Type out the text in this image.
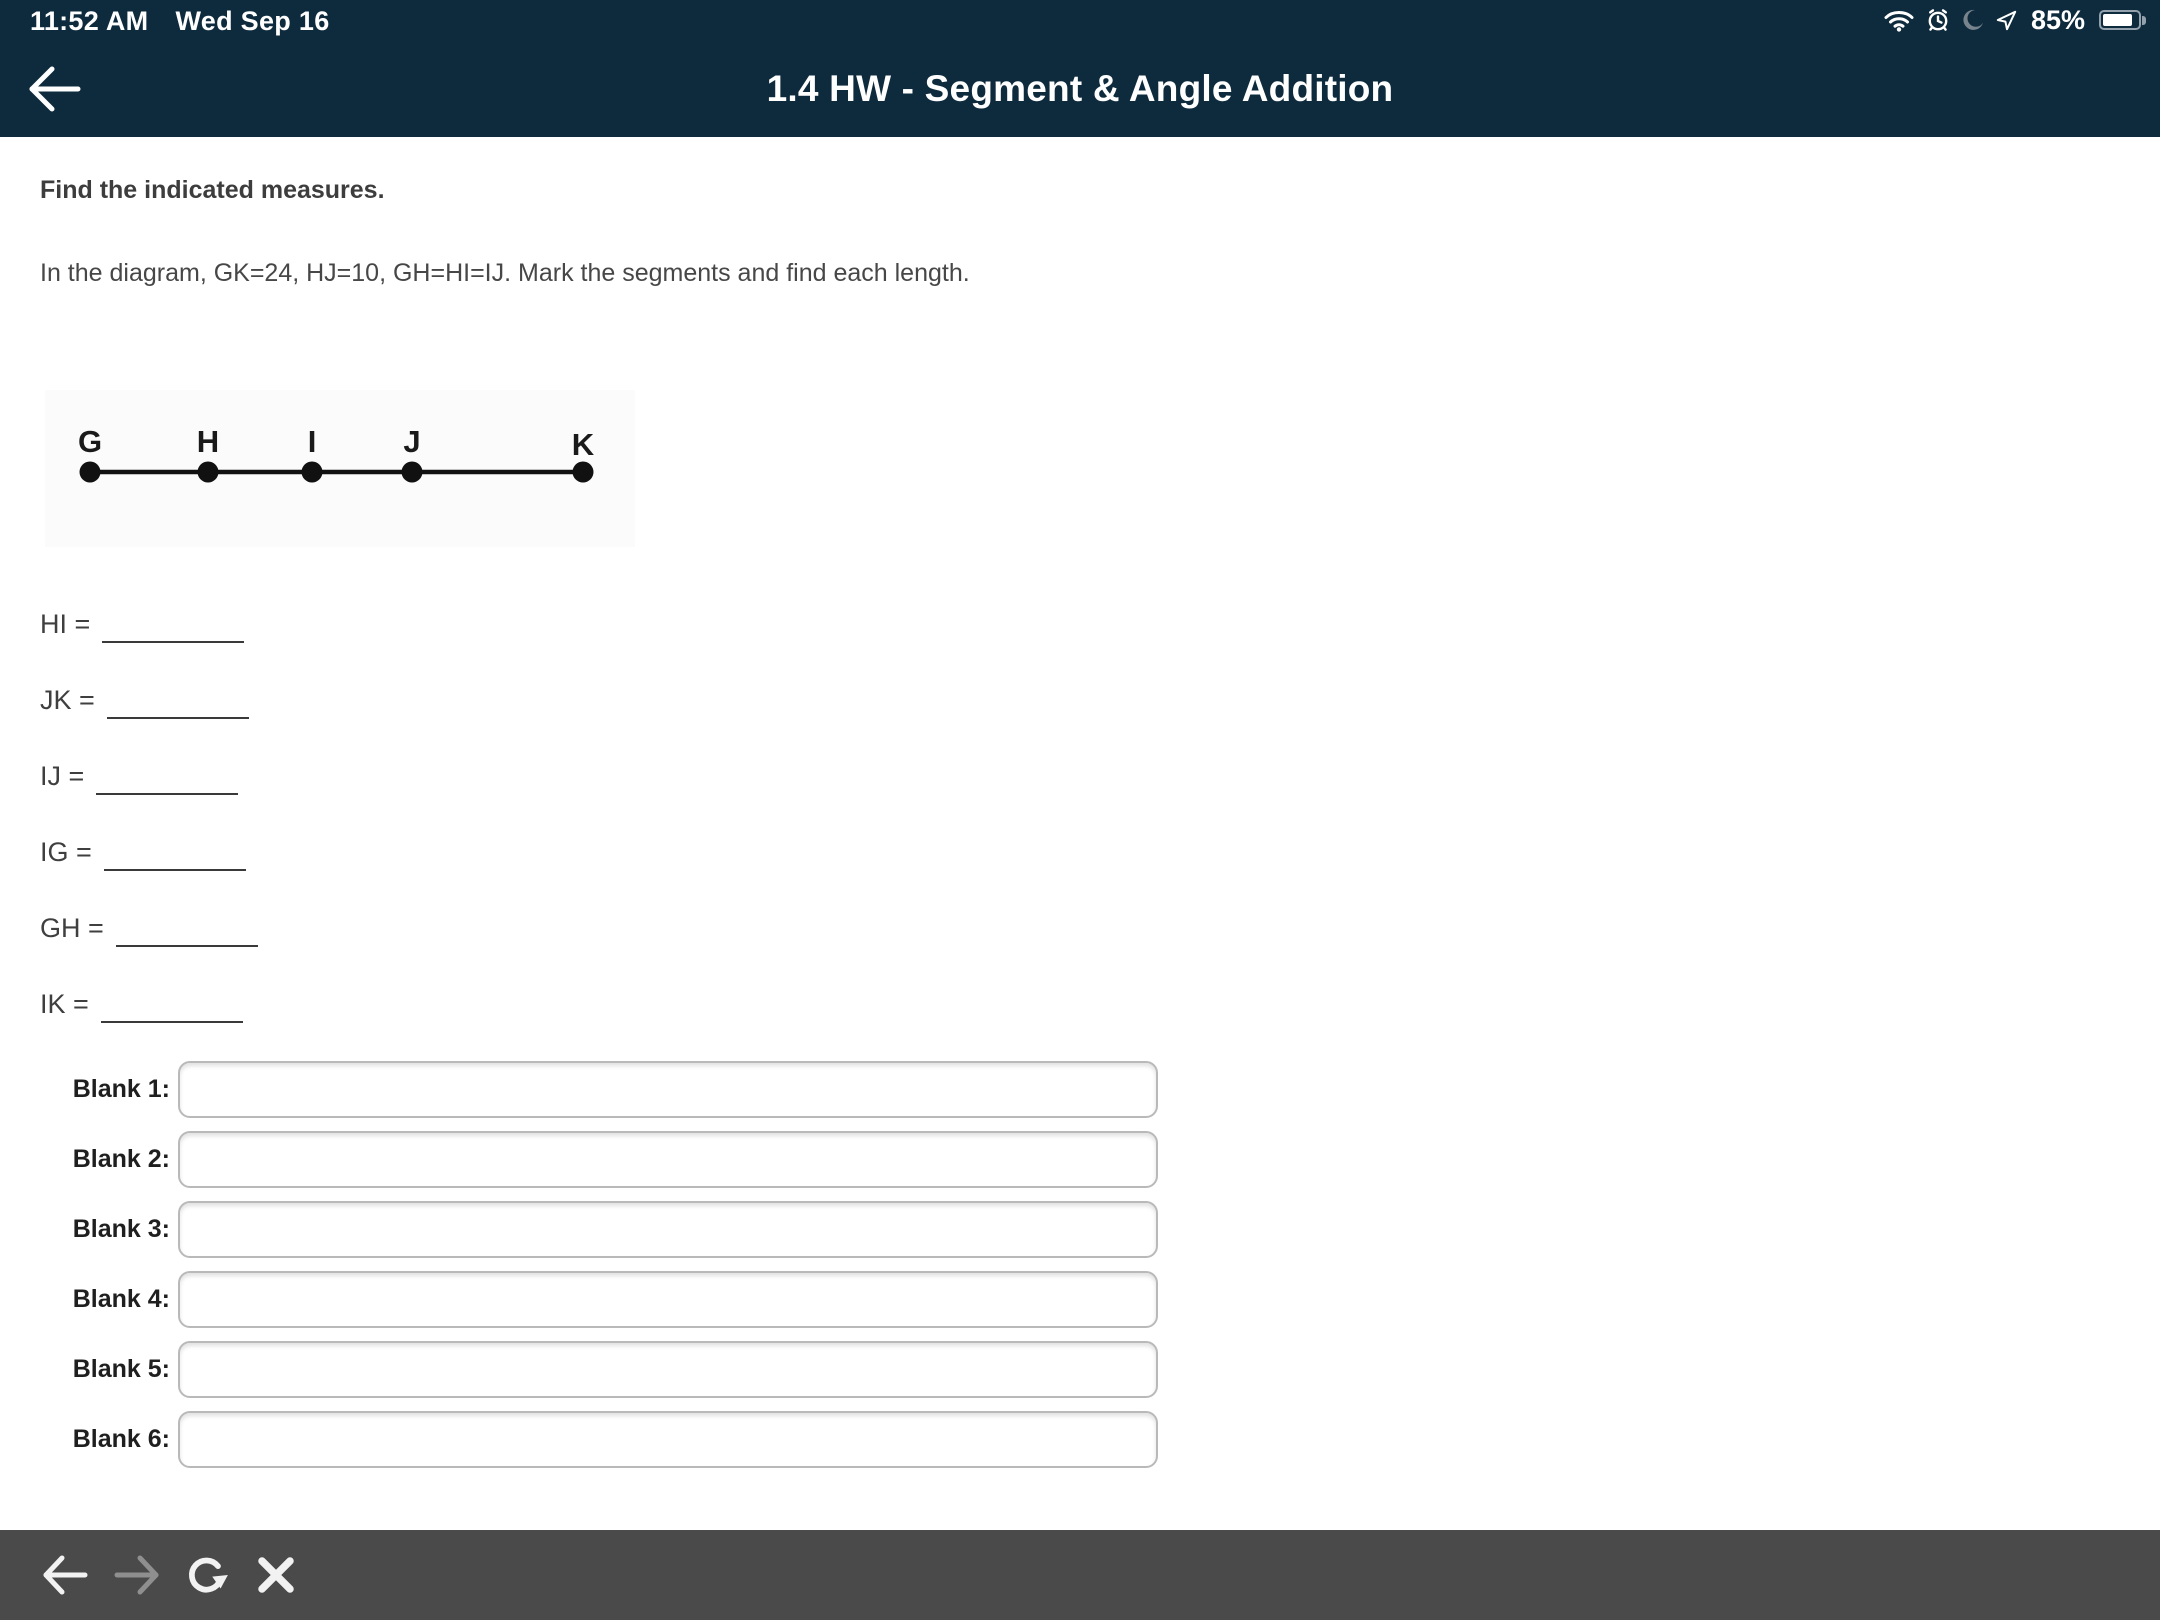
11:52 AM Wed Sep 16	85%
1.4 HW - Segment & Angle Addition
Find the indicated measures.
In the diagram, GK=24, HJ=10, GH=HI=IJ. Mark the segments and find each length.
G	H	I	J	K
HI =
JK =
IJ =
IG =
GH =
IK =
Blank 1:
Blank 2:
Blank 3:
Blank 4:
Blank 5:
Blank 6:
